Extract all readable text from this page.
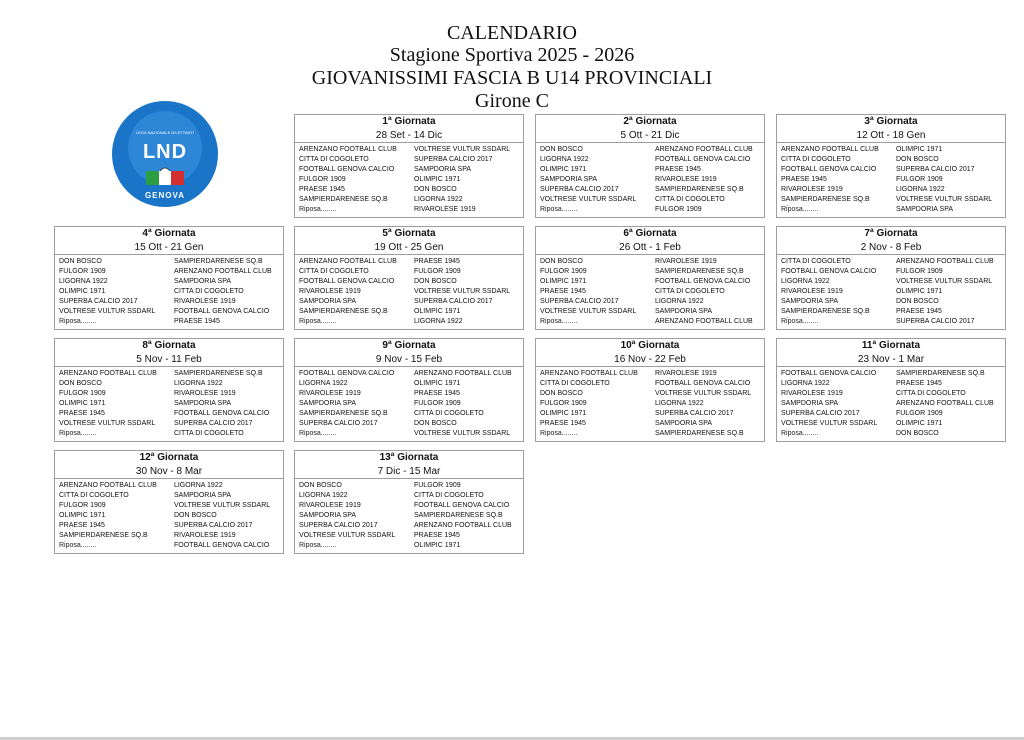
CALENDARIO
Stagione Sportiva 2025 - 2026
GIOVANISSIMI FASCIA B U14 PROVINCIALI
Girone C
LEGA NAZIONALE DILETTANTI
LND
GENOVA
1ª Giornata
28 Set - 14 Dic
ARENZANO FOOTBALL CLUB	VOLTRESE VULTUR SSDARL
CITTA DI COGOLETO	SUPERBA CALCIO 2017
FOOTBALL GENOVA CALCIO	SAMPDORIA SPA
FULGOR 1909	OLIMPIC 1971
PRAESE 1945	DON BOSCO
SAMPIERDARENESE SQ.B	LIGORNA 1922
Riposa........	RIVAROLESE 1919
2ª Giornata
5 Ott - 21 Dic
DON BOSCO	ARENZANO FOOTBALL CLUB
LIGORNA 1922	FOOTBALL GENOVA CALCIO
OLIMPIC 1971	PRAESE 1945
SAMPDORIA SPA	RIVAROLESE 1919
SUPERBA CALCIO 2017	SAMPIERDARENESE SQ.B
VOLTRESE VULTUR SSDARL	CITTA DI COGOLETO
Riposa........	FULGOR 1909
3ª Giornata
12 Ott - 18 Gen
ARENZANO FOOTBALL CLUB	OLIMPIC 1971
CITTA DI COGOLETO	DON BOSCO
FOOTBALL GENOVA CALCIO	SUPERBA CALCIO 2017
PRAESE 1945	FULGOR 1909
RIVAROLESE 1919	LIGORNA 1922
SAMPIERDARENESE SQ.B	VOLTRESE VULTUR SSDARL
Riposa........	SAMPDORIA SPA
4ª Giornata
15 Ott - 21 Gen
DON BOSCO	SAMPIERDARENESE SQ.B
FULGOR 1909	ARENZANO FOOTBALL CLUB
LIGORNA 1922	SAMPDORIA SPA
OLIMPIC 1971	CITTA DI COGOLETO
SUPERBA CALCIO 2017	RIVAROLESE 1919
VOLTRESE VULTUR SSDARL	FOOTBALL GENOVA CALCIO
Riposa........	PRAESE 1945
5ª Giornata
19 Ott - 25 Gen
ARENZANO FOOTBALL CLUB	PRAESE 1945
CITTA DI COGOLETO	FULGOR 1909
FOOTBALL GENOVA CALCIO	DON BOSCO
RIVAROLESE 1919	VOLTRESE VULTUR SSDARL
SAMPDORIA SPA	SUPERBA CALCIO 2017
SAMPIERDARENESE SQ.B	OLIMPIC 1971
Riposa........	LIGORNA 1922
6ª Giornata
26 Ott - 1 Feb
DON BOSCO	RIVAROLESE 1919
FULGOR 1909	SAMPIERDARENESE SQ.B
OLIMPIC 1971	FOOTBALL GENOVA CALCIO
PRAESE 1945	CITTA DI COGOLETO
SUPERBA CALCIO 2017	LIGORNA 1922
VOLTRESE VULTUR SSDARL	SAMPDORIA SPA
Riposa........	ARENZANO FOOTBALL CLUB
7ª Giornata
2 Nov - 8 Feb
CITTA DI COGOLETO	ARENZANO FOOTBALL CLUB
FOOTBALL GENOVA CALCIO	FULGOR 1909
LIGORNA 1922	VOLTRESE VULTUR SSDARL
RIVAROLESE 1919	OLIMPIC 1971
SAMPDORIA SPA	DON BOSCO
SAMPIERDARENESE SQ.B	PRAESE 1945
Riposa........	SUPERBA CALCIO 2017
8ª Giornata
5 Nov - 11 Feb
ARENZANO FOOTBALL CLUB	SAMPIERDARENESE SQ.B
DON BOSCO	LIGORNA 1922
FULGOR 1909	RIVAROLESE 1919
OLIMPIC 1971	SAMPDORIA SPA
PRAESE 1945	FOOTBALL GENOVA CALCIO
VOLTRESE VULTUR SSDARL	SUPERBA CALCIO 2017
Riposa........	CITTA DI COGOLETO
9ª Giornata
9 Nov - 15 Feb
FOOTBALL GENOVA CALCIO	ARENZANO FOOTBALL CLUB
LIGORNA 1922	OLIMPIC 1971
RIVAROLESE 1919	PRAESE 1945
SAMPDORIA SPA	FULGOR 1909
SAMPIERDARENESE SQ.B	CITTA DI COGOLETO
SUPERBA CALCIO 2017	DON BOSCO
Riposa........	VOLTRESE VULTUR SSDARL
10ª Giornata
16 Nov - 22 Feb
ARENZANO FOOTBALL CLUB	RIVAROLESE 1919
CITTA DI COGOLETO	FOOTBALL GENOVA CALCIO
DON BOSCO	VOLTRESE VULTUR SSDARL
FULGOR 1909	LIGORNA 1922
OLIMPIC 1971	SUPERBA CALCIO 2017
PRAESE 1945	SAMPDORIA SPA
Riposa........	SAMPIERDARENESE SQ.B
11ª Giornata
23 Nov - 1 Mar
FOOTBALL GENOVA CALCIO	SAMPIERDARENESE SQ.B
LIGORNA 1922	PRAESE 1945
RIVAROLESE 1919	CITTA DI COGOLETO
SAMPDORIA SPA	ARENZANO FOOTBALL CLUB
SUPERBA CALCIO 2017	FULGOR 1909
VOLTRESE VULTUR SSDARL	OLIMPIC 1971
Riposa........	DON BOSCO
12ª Giornata
30 Nov - 8 Mar
ARENZANO FOOTBALL CLUB	LIGORNA 1922
CITTA DI COGOLETO	SAMPDORIA SPA
FULGOR 1909	VOLTRESE VULTUR SSDARL
OLIMPIC 1971	DON BOSCO
PRAESE 1945	SUPERBA CALCIO 2017
SAMPIERDARENESE SQ.B	RIVAROLESE 1919
Riposa........	FOOTBALL GENOVA CALCIO
13ª Giornata
7 Dic - 15 Mar
DON BOSCO	FULGOR 1909
LIGORNA 1922	CITTA DI COGOLETO
RIVAROLESE 1919	FOOTBALL GENOVA CALCIO
SAMPDORIA SPA	SAMPIERDARENESE SQ.B
SUPERBA CALCIO 2017	ARENZANO FOOTBALL CLUB
VOLTRESE VULTUR SSDARL	PRAESE 1945
Riposa........	OLIMPIC 1971
